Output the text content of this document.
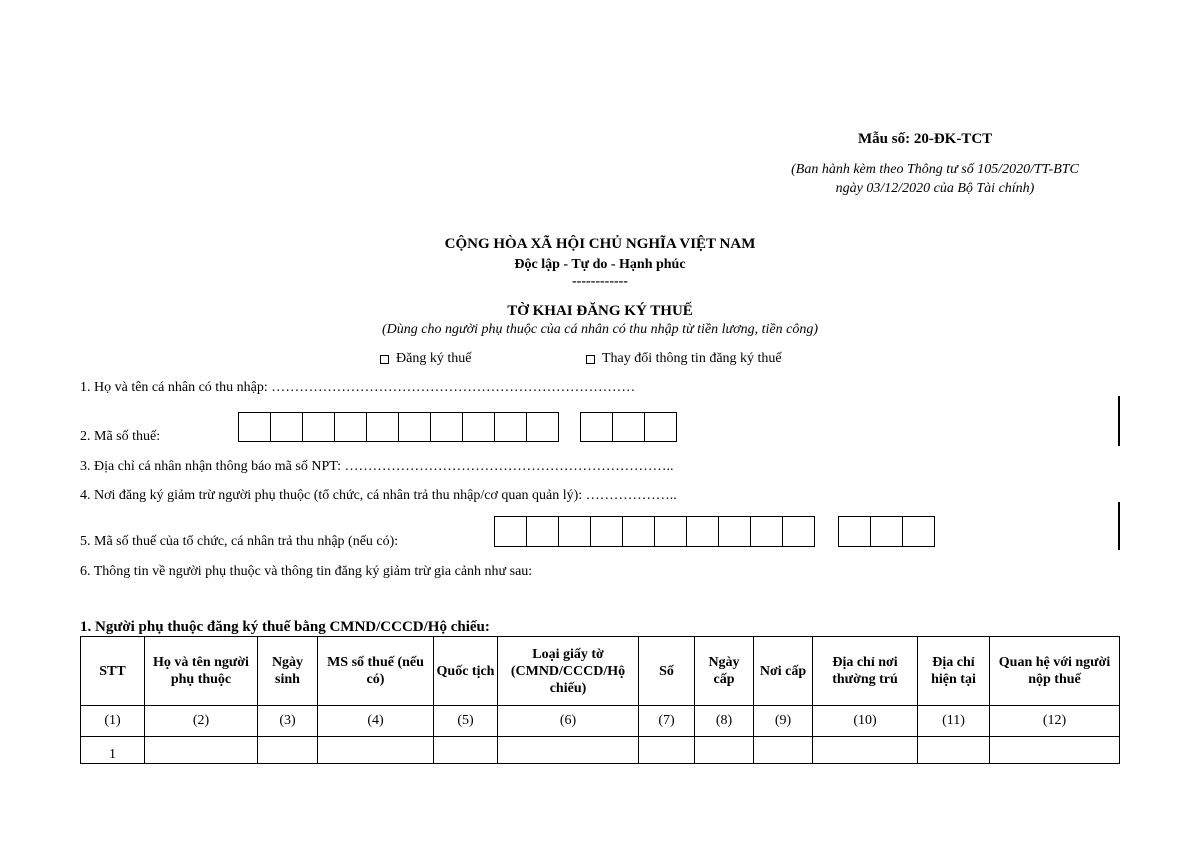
Mẫu số: 20-ĐK-TCT
(Ban hành kèm theo Thông tư số 105/2020/TT-BTC
ngày 03/12/2020 của Bộ Tài chính)
CỘNG HÒA XÃ HỘI CHỦ NGHĨA VIỆT NAM
Độc lập - Tự do - Hạnh phúc
------------
TỜ KHAI ĐĂNG KÝ THUẾ
(Dùng cho người phụ thuộc của cá nhân có thu nhập từ tiền lương, tiền công)
Đăng ký thuế	Thay đổi thông tin đăng ký thuế
1. Họ và tên cá nhân có thu nhập: ……………………………………………………………………
2. Mã số thuế:
3. Địa chỉ cá nhân nhận thông báo mã số NPT: ……………………………………………………………..
4. Nơi đăng ký giảm trừ người phụ thuộc (tổ chức, cá nhân trả thu nhập/cơ quan quản lý): ………………..
5. Mã số thuế của tổ chức, cá nhân trả thu nhập (nếu có):
6. Thông tin về người phụ thuộc và thông tin đăng ký giảm trừ gia cảnh như sau:
1. Người phụ thuộc đăng ký thuế bằng CMND/CCCD/Hộ chiếu:
STT	Họ và tên người phụ thuộc	Ngày sinh	MS số thuế (nếu có)	Quốc tịch	Loại giấy tờ (CMND/CCCD/Hộ chiếu)	Số	Ngày cấp	Nơi cấp	Địa chỉ nơi thường trú	Địa chỉ hiện tại	Quan hệ với người nộp thuế
(1)	(2)	(3)	(4)	(5)	(6)	(7)	(8)	(9)	(10)	(11)	(12)
1											
